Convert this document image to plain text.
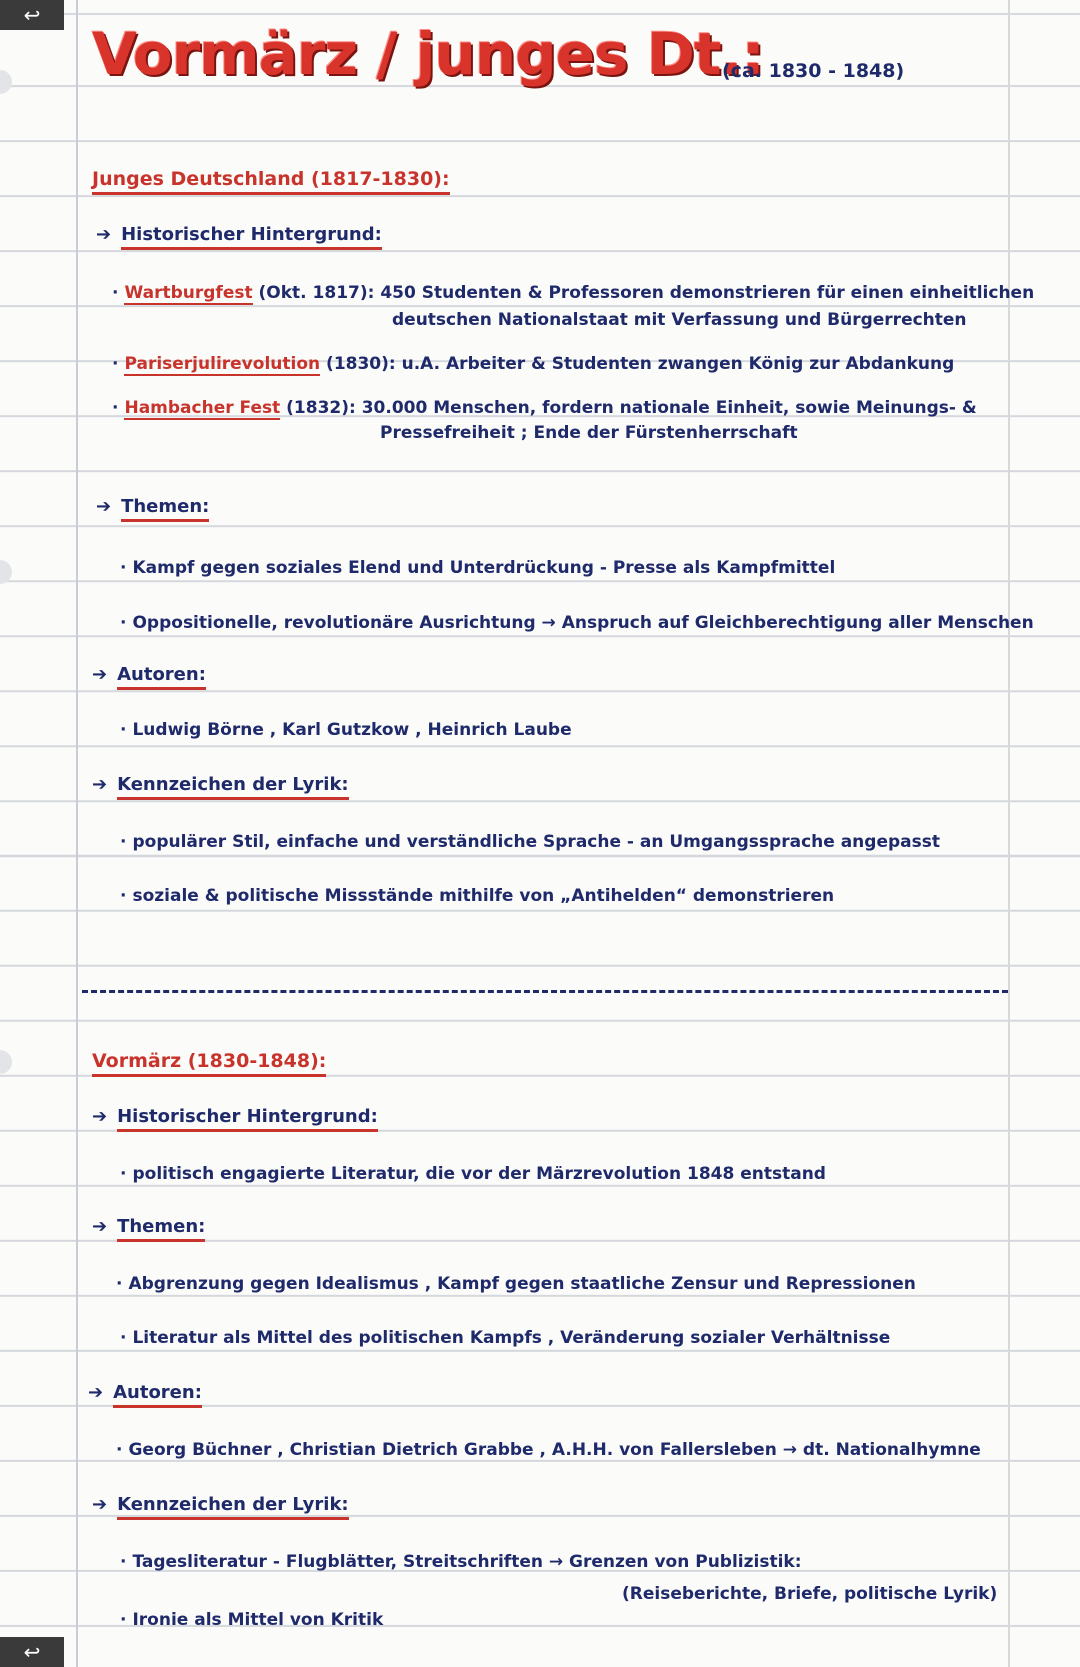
↩
↩
Vormärz / junges Dt.:
(ca. 1830 - 1848)
Junges Deutschland (1817-1830):
➔ Historischer Hintergrund:
· Wartburgfest (Okt. 1817): 450 Studenten & Professoren demonstrieren für einen einheitlichen
deutschen Nationalstaat mit Verfassung und Bürgerrechten
· Pariserjulirevolution (1830): u.A. Arbeiter & Studenten zwangen König zur Abdankung
· Hambacher Fest (1832): 30.000 Menschen, fordern nationale Einheit, sowie Meinungs- &
Pressefreiheit ; Ende der Fürstenherrschaft
➔ Themen:
· Kampf gegen soziales Elend und Unterdrückung - Presse als Kampfmittel
· Oppositionelle, revolutionäre Ausrichtung → Anspruch auf Gleichberechtigung aller Menschen
➔ Autoren:
· Ludwig Börne , Karl Gutzkow , Heinrich Laube
➔ Kennzeichen der Lyrik:
· populärer Stil, einfache und verständliche Sprache - an Umgangssprache angepasst
· soziale & politische Missstände mithilfe von „Antihelden“ demonstrieren
Vormärz (1830-1848):
➔ Historischer Hintergrund:
· politisch engagierte Literatur, die vor der Märzrevolution 1848 entstand
➔ Themen:
· Abgrenzung gegen Idealismus , Kampf gegen staatliche Zensur und Repressionen
· Literatur als Mittel des politischen Kampfs , Veränderung sozialer Verhältnisse
➔ Autoren:
· Georg Büchner , Christian Dietrich Grabbe , A.H.H. von Fallersleben → dt. Nationalhymne
➔ Kennzeichen der Lyrik:
· Tagesliteratur - Flugblätter, Streitschriften → Grenzen von Publizistik:
(Reiseberichte, Briefe, politische Lyrik)
· Ironie als Mittel von Kritik
